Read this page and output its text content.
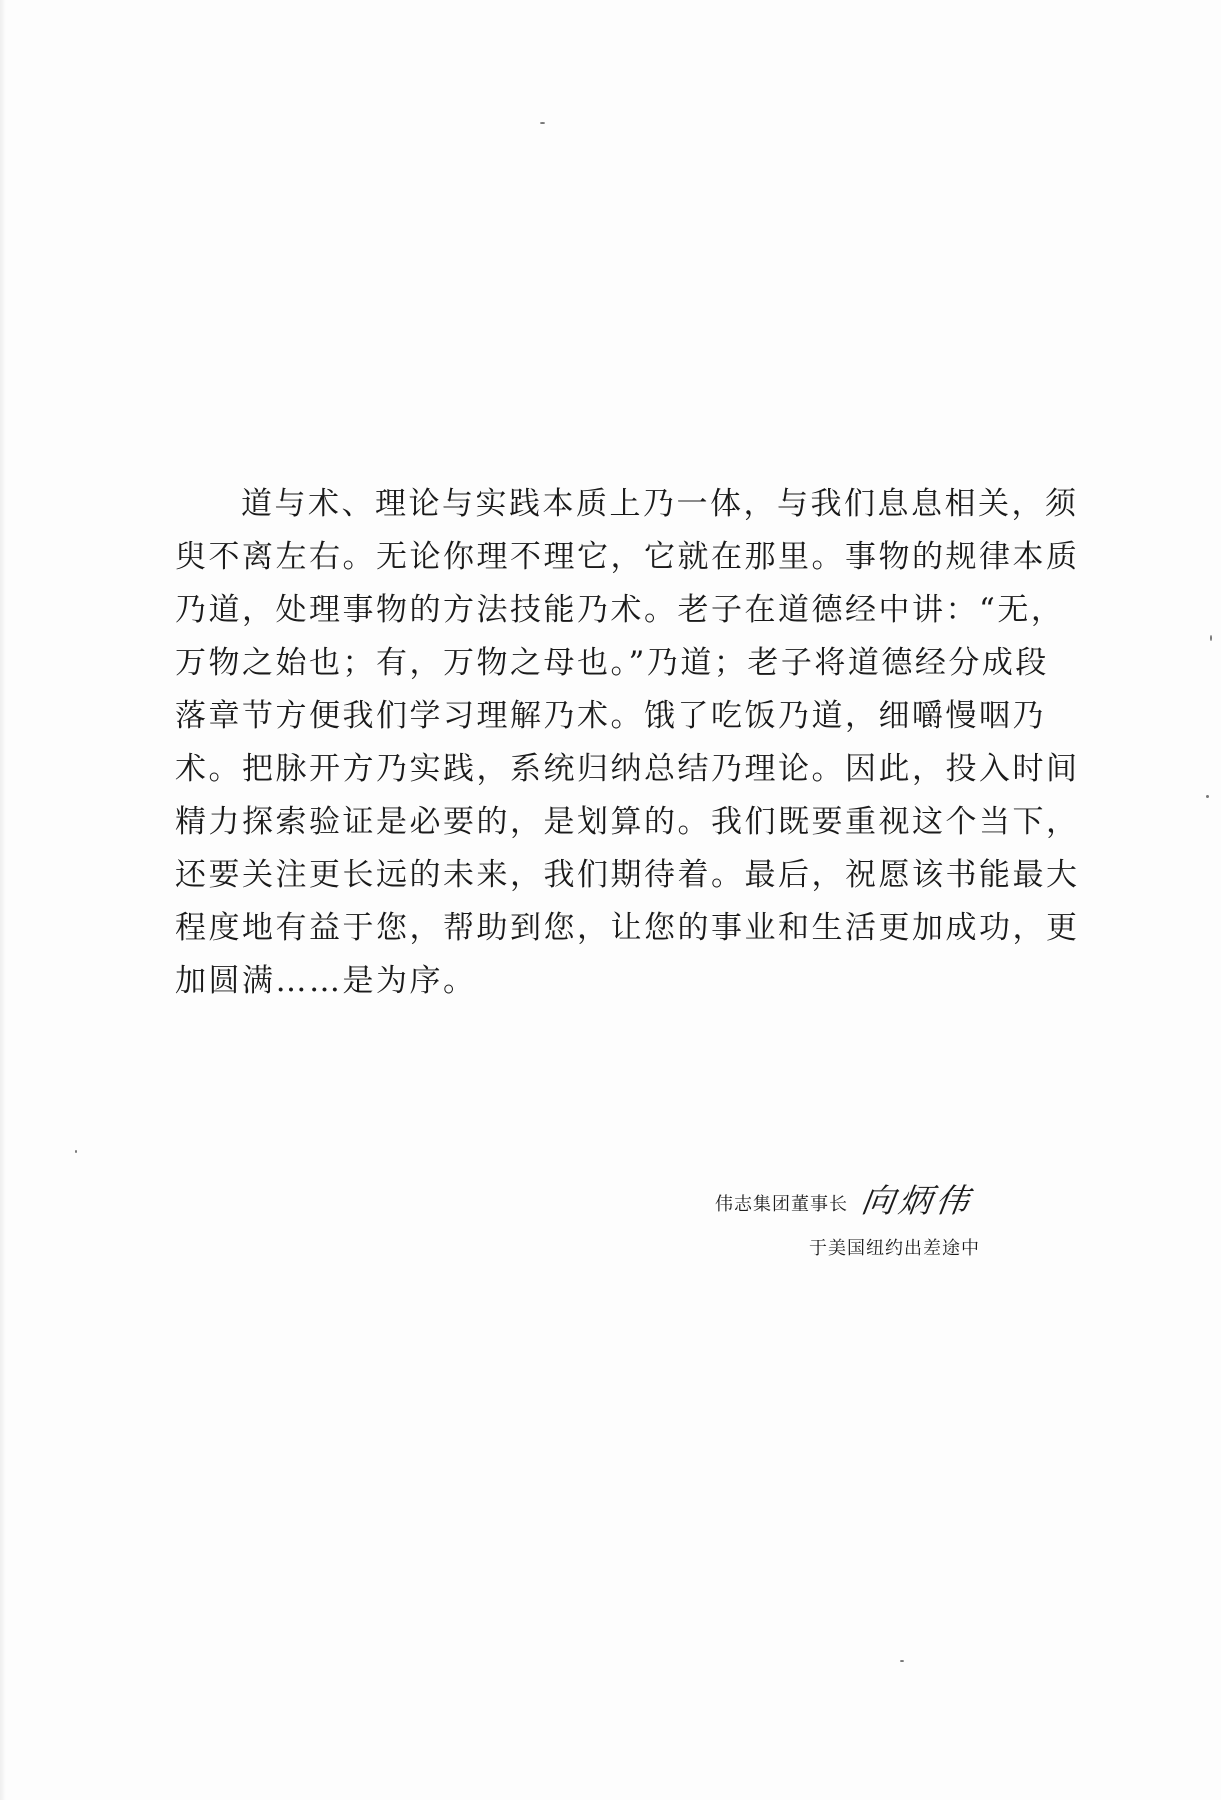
道与术、理论与实践本质上乃一体，与我们息息相关，须
臾不离左右。无论你理不理它，它就在那里。事物的规律本质
乃道，处理事物的方法技能乃术。老子在道德经中讲：“无，
万物之始也；有，万物之母也。”乃道；老子将道德经分成段
落章节方便我们学习理解乃术。饿了吃饭乃道，细嚼慢咽乃
术。把脉开方乃实践，系统归纳总结乃理论。因此，投入时间
精力探索验证是必要的，是划算的。我们既要重视这个当下，
还要关注更长远的未来，我们期待着。最后，祝愿该书能最大
程度地有益于您，帮助到您，让您的事业和生活更加成功，更
加圆满……是为序。
伟志集团董事长 向炳伟
于美国纽约出差途中
